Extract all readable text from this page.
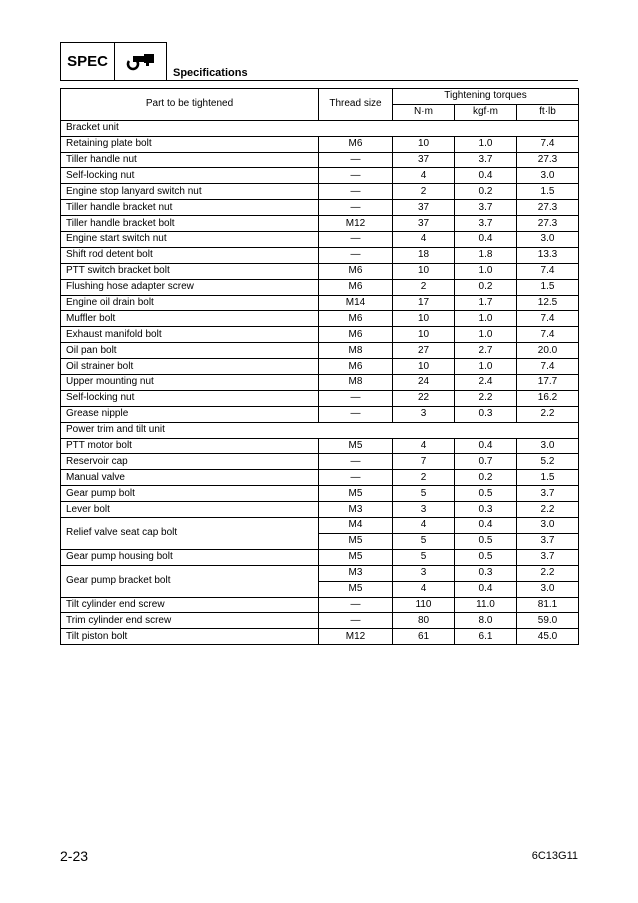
SPEC
Specifications
Part to be tightened	Thread size	Tightening torques		
		N·m	kgf·m	ft·lb
Bracket unit				
Retaining plate bolt	M6	10	1.0	7.4
Tiller handle nut	—	37	3.7	27.3
Self-locking nut	—	4	0.4	3.0
Engine stop lanyard switch nut	—	2	0.2	1.5
Tiller handle bracket nut	—	37	3.7	27.3
Tiller handle bracket bolt	M12	37	3.7	27.3
Engine start switch nut	—	4	0.4	3.0
Shift rod detent bolt	—	18	1.8	13.3
PTT switch bracket bolt	M6	10	1.0	7.4
Flushing hose adapter screw	M6	2	0.2	1.5
Engine oil drain bolt	M14	17	1.7	12.5
Muffler bolt	M6	10	1.0	7.4
Exhaust manifold bolt	M6	10	1.0	7.4
Oil pan bolt	M8	27	2.7	20.0
Oil strainer bolt	M6	10	1.0	7.4
Upper mounting nut	M8	24	2.4	17.7
Self-locking nut	—	22	2.2	16.2
Grease nipple	—	3	0.3	2.2
Power trim and tilt unit				
PTT motor bolt	M5	4	0.4	3.0
Reservoir cap	—	7	0.7	5.2
Manual valve	—	2	0.2	1.5
Gear pump bolt	M5	5	0.5	3.7
Lever bolt	M3	3	0.3	2.2
Relief valve seat cap bolt	M4	4	0.4	3.0
	M5	5	0.5	3.7
Gear pump housing bolt	M5	5	0.5	3.7
Gear pump bracket bolt	M3	3	0.3	2.2
	M5	4	0.4	3.0
Tilt cylinder end screw	—	110	11.0	81.1
Trim cylinder end screw	—	80	8.0	59.0
Tilt piston bolt	M12	61	6.1	45.0
2-23	6C13G11
